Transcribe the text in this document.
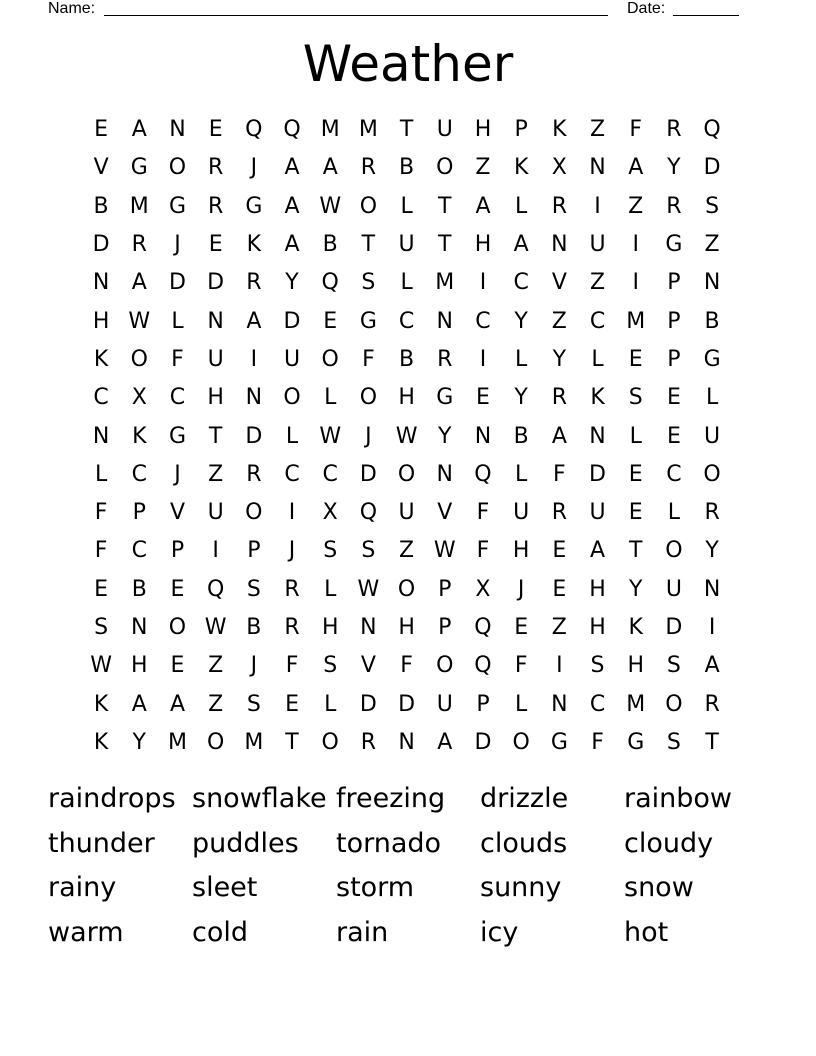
Name:	Date:
Weather
E	A	N	E	Q Q M M T	U H	P	K	Z	F	R Q
V	G O R	J	A	A	R	B O Z	K	X	N	A	Y	D
B M G	R	G	A W O	L	T	A	L	R	I	Z	R	S
D	R	J	E	K	A	B	T	U	T	H	A	N U	I	G	Z
N	A	D D	R	Y	Q	S	L	M	I	C	V	Z	I	P	N
H W L	N	A	D	E	G C	N	C	Y	Z	C M	P	B
K	O	F	U	I	U O	F	B	R	I	L	Y	L	E	P	G
C	X	C	H N O	L	O H G	E	Y	R	K	S	E	L
N	K	G	T	D	L W	J	W Y	N	B	A	N	L	E	U
L	C	J	Z	R	C	C	D O N Q	L	F	D	E	C O
F	P	V	U O	I	X Q U	V	F	U	R	U	E	L	R
F	C	P	I	P	J	S	S	Z W F	H	E	A	T	O	Y
E	B	E	Q	S	R	L W O	P	X	J	E	H	Y	U N
S	N O W B	R	H N H	P	Q	E	Z	H	K	D	I
W H	E	Z	J	F	S	V	F	O Q	F	I	S	H	S	A
K	A	A	Z	S	E	L	D D U	P	L	N	C M O R
K	Y M O M T	O R	N	A	D O G	F	G	S	T
raindrops snowflake freezing	drizzle	rainbow
thunder	puddles	tornado	clouds	cloudy
rainy	sleet	storm	sunny	snow
warm	cold	rain	icy	hot
